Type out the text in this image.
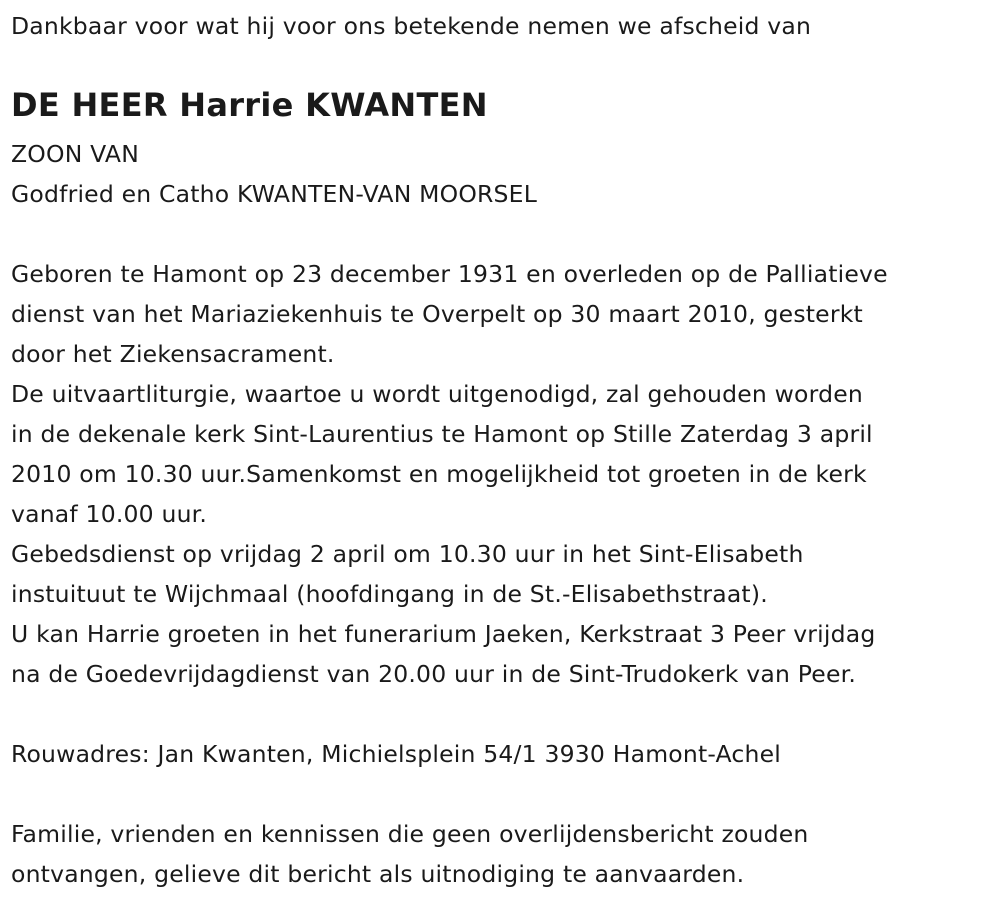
Dankbaar voor wat hij voor ons betekende nemen we afscheid van
DE HEER Harrie KWANTEN
ZOON VAN
Godfried en Catho KWANTEN-VAN MOORSEL
Geboren te Hamont op 23 december 1931 en overleden op de Palliatieve
dienst van het Mariaziekenhuis te Overpelt op 30 maart 2010, gesterkt
door het Ziekensacrament.
De uitvaartliturgie, waartoe u wordt uitgenodigd, zal gehouden worden
in de dekenale kerk Sint-Laurentius te Hamont op Stille Zaterdag 3 april
2010 om 10.30 uur.Samenkomst en mogelijkheid tot groeten in de kerk
vanaf 10.00 uur.
Gebedsdienst op vrijdag 2 april om 10.30 uur in het Sint-Elisabeth
instuituut te Wijchmaal (hoofdingang in de St.-Elisabethstraat).
U kan Harrie groeten in het funerarium Jaeken, Kerkstraat 3 Peer vrijdag
na de Goedevrijdagdienst van 20.00 uur in de Sint-Trudokerk van Peer.
Rouwadres: Jan Kwanten, Michielsplein 54/1 3930 Hamont-Achel
Familie, vrienden en kennissen die geen overlijdensbericht zouden
ontvangen, gelieve dit bericht als uitnodiging te aanvaarden.
